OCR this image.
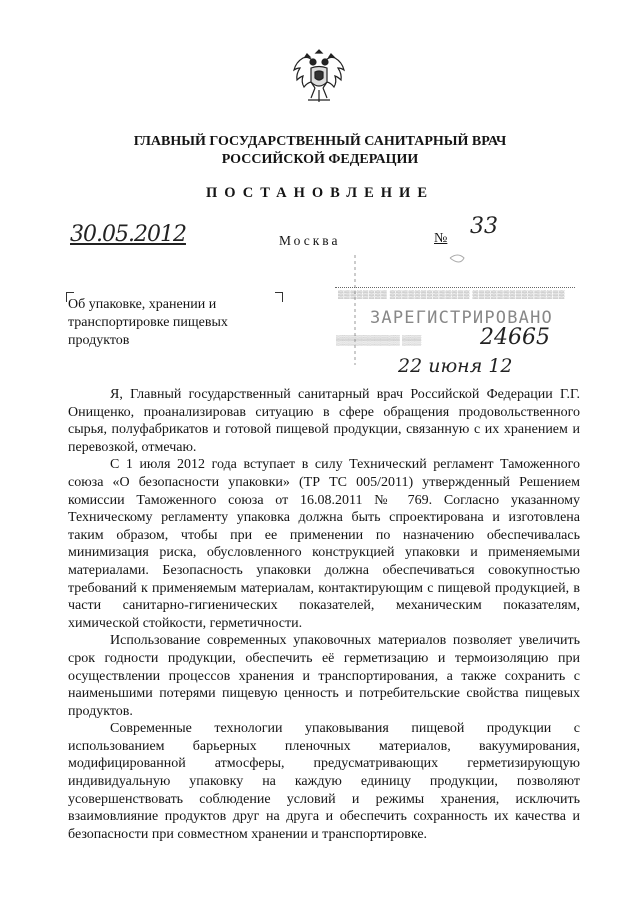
ГЛАВНЫЙ ГОСУДАРСТВЕННЫЙ САНИТАРНЫЙ ВРАЧ
РОССИЙСКОЙ ФЕДЕРАЦИИ
ПОСТАНОВЛЕНИЕ
30.05.2012	Москва	№ 33
Об упаковке, хранении и
транспортировке пищевых
продуктов
▒▒▒▒▒▒▒▒ ▒▒▒▒▒▒▒▒▒▒▒▒▒ ▒▒▒▒▒▒▒▒▒▒▒▒▒▒▒
ЗАРЕГИСТРИРОВАНО
▒▒▒▒▒▒▒▒▒▒ ▒▒▒	24665
22 июня 12

Я, Главный государственный санитарный врач Российской Федерации Г.Г. Онищенко, проанализировав ситуацию в сфере обращения продовольственного сырья, полуфабрикатов и готовой пищевой продукции, связанную с их хранением и перевозкой, отмечаю.

С 1 июля 2012 года вступает в силу Технический регламент Таможенного союза «О безопасности упаковки» (ТР ТС 005/2011) утвержденный Решением комиссии Таможенного союза от 16.08.2011 № 769. Согласно указанному Техническому регламенту упаковка должна быть спроектирована и изготовлена таким образом, чтобы при ее применении по назначению обеспечивалась минимизация риска, обусловленного конструкцией упаковки и применяемыми материалами. Безопасность упаковки должна обеспечиваться совокупностью требований к применяемым материалам, контактирующим с пищевой продукцией, в части санитарно-гигиенических показателей, механическим показателям, химической стойкости, герметичности.

Использование современных упаковочных материалов позволяет увеличить срок годности продукции, обеспечить её герметизацию и термоизоляцию при осуществлении процессов хранения и транспортирования, а также сохранить с наименьшими потерями пищевую ценность и потребительские свойства пищевых продуктов.

Современные технологии упаковывания пищевой продукции с использованием барьерных пленочных материалов, вакуумирования, модифицированной атмосферы, предусматривающих герметизирующую индивидуальную упаковку на каждую единицу продукции, позволяют усовершенствовать соблюдение условий и режимы хранения, исключить взаимовлияние продуктов друг на друга и обеспечить сохранность их качества и безопасности при совместном хранении и транспортировке.
